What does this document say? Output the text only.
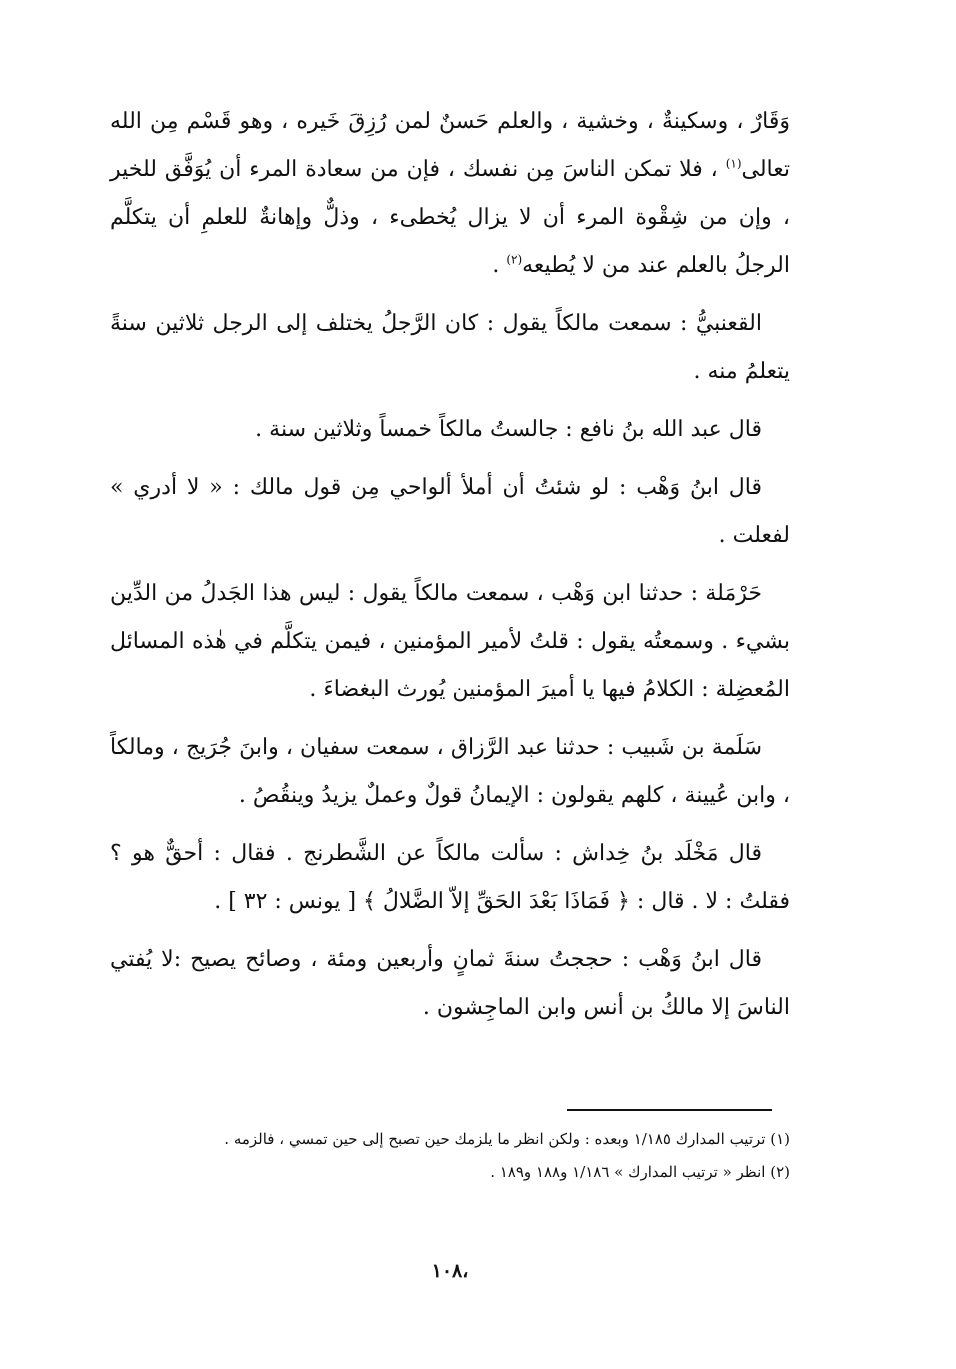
وَقَارٌ ، وسكينةٌ ، وخشية ، والعلم حَسنٌ لمن رُزِقَ خَيره ، وهو قَسْم مِن الله تعالى$^{(١)}$ ، فلا تمكن الناسَ مِن نفسك ، فإن من سعادة المرء أن يُوَفَّق للخير ، وإن من شِقْوة المرء أن لا يزال يُخطىء ، وذلٌّ وإهانةٌ للعلمِ أن يتكلَّم الرجلُ بالعلم عند من لا يُطيعه$^{(٢)}$ .

القعنبيُّ : سمعت مالكاً يقول : كان الرَّجلُ يختلف إلى الرجل ثلاثين سنةً يتعلمُ منه .

قال عبد الله بنُ نافع : جالستُ مالكاً خمساً وثلاثين سنة .

قال ابنُ وَهْب : لو شئتُ أن أملأ ألواحي مِن قول مالك : « لا أدري » لفعلت .

حَرْمَلة : حدثنا ابن وَهْب ، سمعت مالكاً يقول : ليس هذا الجَدلُ من الدِّين بشيء . وسمعتُه يقول : قلتُ لأمير المؤمنين ، فيمن يتكلَّم في هٰذه المسائل المُعضِلة : الكلامُ فيها يا أميرَ المؤمنين يُورث البغضاءَ .

سَلَمة بن شَبيب : حدثنا عبد الرَّزاق ، سمعت سفيان ، وابنَ جُرَيج ، ومالكاً ، وابن عُيينة ، كلهم يقولون : الإيمانُ قولٌ وعملٌ يزيدُ وينقُصُ .

قال مَخْلَد بنُ خِداش : سألت مالكاً عن الشَّطرنج . فقال : أحقٌّ هو ؟ فقلتُ : لا . قال : ﴿ فَمَاذَا بَعْدَ الحَقِّ إلاّ الضَّلالُ ﴾ [ يونس : ٣٢ ] .

قال ابنُ وَهْب : حججتُ سنةَ ثمانٍ وأربعين ومئة ، وصائح يصيح :لا يُفتي الناسَ إلا مالكُ بن أنس وابن الماجِشون .

(١) ترتيب المدارك ١/١٨٥ وبعده : ولكن انظر ما يلزمك حين تصبح إلى حين تمسي ، فالزمه .

(٢) انظر « ترتيب المدارك » ١/١٨٦ و١٨٨ و١٨٩ .

،١٠٨
